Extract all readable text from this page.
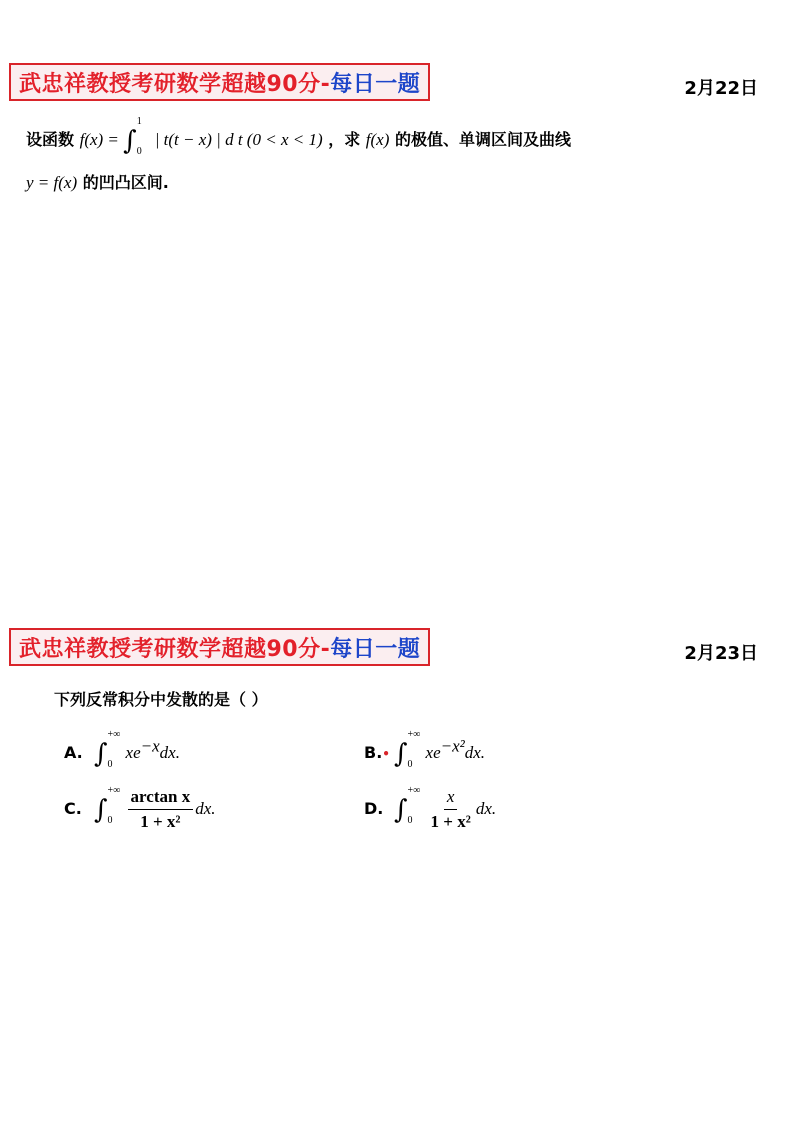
武忠祥教授考研数学超越90分- 每日一题	2月22日
设函数 f(x) = ∫
1
0
| t(t − x) | d t (0 < x < 1) ，求 f(x) 的极值、单调区间及曲线
y = f(x) 的凹凸区间.
武忠祥教授考研数学超越90分- 每日一题	2月23日
下列反常积分中发散的是（ ）
A. ∫
+∞
0
$xe^{-x}dx$.	B.• ∫
+∞
0
$xe^{-x^2}dx$.
C. ∫
+∞
$0 \frac{\text{arctan x}}{\text{1 + x²}}$ dx.	D. ∫
+∞
$0 \frac{x}{\text{1 + x²}}$ dx.
